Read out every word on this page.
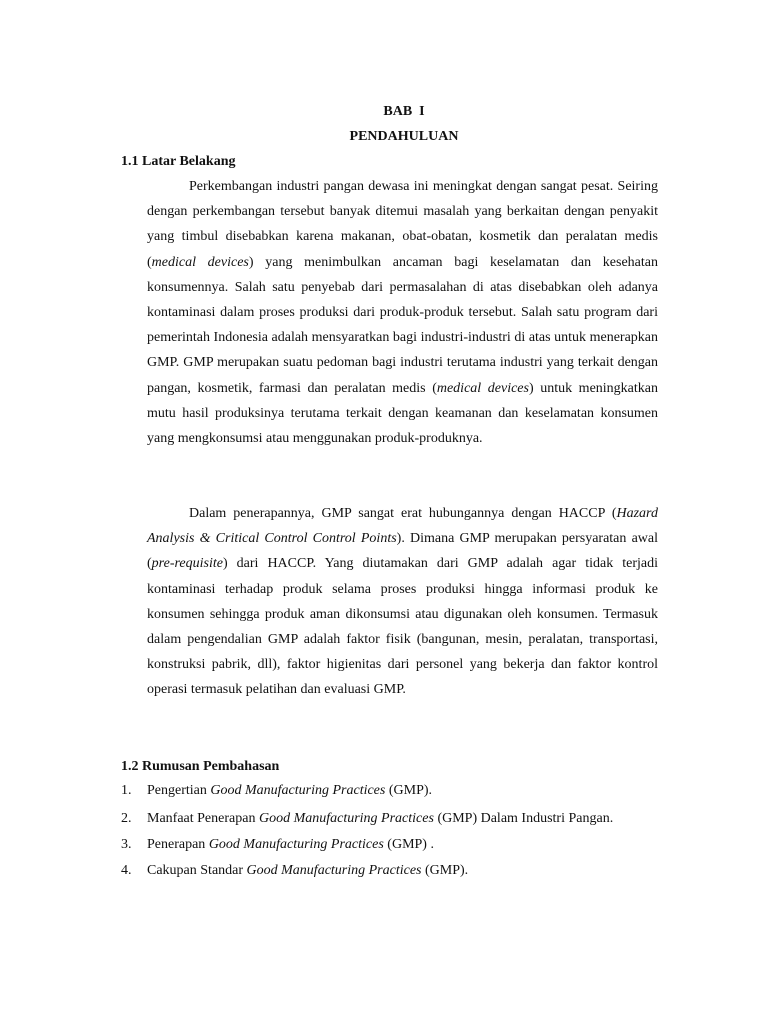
BAB  I
PENDAHULUAN
1.1 Latar Belakang

Perkembangan industri pangan dewasa ini meningkat dengan sangat pesat. Seiring dengan perkembangan tersebut banyak ditemui masalah yang berkaitan dengan penyakit yang timbul disebabkan karena makanan, obat-obatan, kosmetik dan peralatan medis (medical devices) yang menimbulkan ancaman bagi keselamatan dan kesehatan konsumennya. Salah satu penyebab dari permasalahan di atas disebabkan oleh adanya kontaminasi dalam proses produksi dari produk-produk tersebut. Salah satu program dari pemerintah Indonesia adalah mensyaratkan bagi industri-industri di atas untuk menerapkan GMP. GMP merupakan suatu pedoman bagi industri terutama industri yang terkait dengan pangan, kosmetik, farmasi dan peralatan medis (medical devices) untuk meningkatkan mutu hasil produksinya terutama terkait dengan keamanan dan keselamatan konsumen yang mengkonsumsi atau menggunakan produk-produknya.

Dalam penerapannya, GMP sangat erat hubungannya dengan HACCP (Hazard Analysis & Critical Control Control Points). Dimana GMP merupakan persyaratan awal (pre-requisite) dari HACCP. Yang diutamakan dari GMP adalah agar tidak terjadi kontaminasi terhadap produk selama proses produksi hingga informasi produk ke konsumen sehingga produk aman dikonsumsi atau digunakan oleh konsumen. Termasuk dalam pengendalian GMP adalah faktor fisik (bangunan, mesin, peralatan, transportasi, konstruksi pabrik, dll), faktor higienitas dari personel yang bekerja dan faktor kontrol operasi termasuk pelatihan dan evaluasi GMP.

1.2 Rumusan Pembahasan
1.	Pengertian Good Manufacturing Practices (GMP).
2.	Manfaat Penerapan Good Manufacturing Practices (GMP) Dalam Industri Pangan.
3.	Penerapan Good Manufacturing Practices (GMP) .
4.	Cakupan Standar Good Manufacturing Practices (GMP).
